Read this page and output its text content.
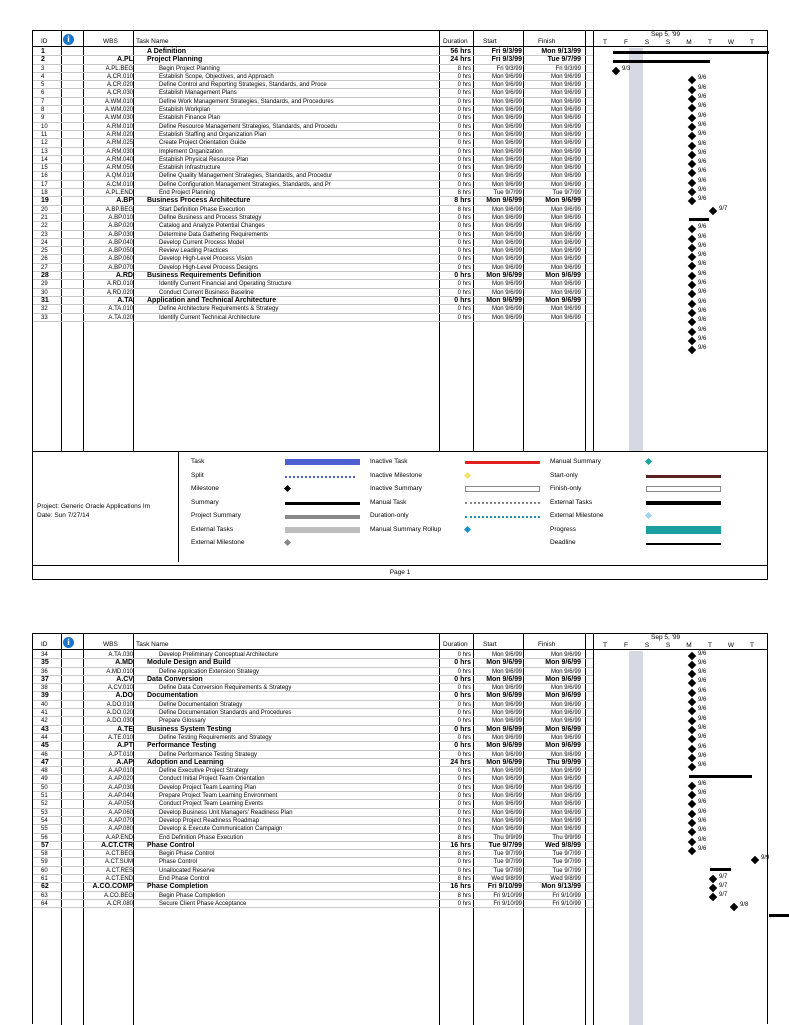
ID	i	WBS	Task Name	Duration Start	Finish
Sep 5, '99
T	F	S	S	M	T	W	T
1	A Definition	56 hrs	Fri 9/3/99	Mon 9/13/99
2	A.PL Project Planning	24 hrs	Fri 9/3/99	Tue 9/7/99
3	A.PL.BEG	Begin Project Planning	8 hrs	Fri 9/3/99	Fri 9/3/99
4	A.CR.010	Establish Scope, Objectives, and Approach	0 hrs	Mon 9/6/99	Mon 9/6/99
5	A.CR.020	Define Control and Reporting Strategies, Standards, and Proce	0 hrs	Mon 9/6/99	Mon 9/6/99
6	A.CR.030	Establish Management Plans	0 hrs	Mon 9/6/99	Mon 9/6/99
7	A.WM.010	Define Work Management Strategies, Standards, and Procedures	0 hrs	Mon 9/6/99	Mon 9/6/99
8	A.WM.020	Establish Workplan	0 hrs	Mon 9/6/99	Mon 9/6/99
9	A.WM.030	Establish Finance Plan	0 hrs	Mon 9/6/99	Mon 9/6/99
10	A.RM.010	Define Resource Management Strategies, Standards, and Procedu	0 hrs	Mon 9/6/99	Mon 9/6/99
11	A.RM.020	Establish Staffing and Organization Plan	0 hrs	Mon 9/6/99	Mon 9/6/99
12	A.RM.025	Create Project Orientation Guide	0 hrs	Mon 9/6/99	Mon 9/6/99
13	A.RM.030	Implement Organization	0 hrs	Mon 9/6/99	Mon 9/6/99
14	A.RM.040	Establish Physical Resource Plan	0 hrs	Mon 9/6/99	Mon 9/6/99
15	A.RM.050	Establish Infrastructure	0 hrs	Mon 9/6/99	Mon 9/6/99
16	A.QM.010	Define Quality Management Strategies, Standards, and Procedur	0 hrs	Mon 9/6/99	Mon 9/6/99
17	A.CM.010	Define Configuration Management Strategies, Standards, and Pr	0 hrs	Mon 9/6/99	Mon 9/6/99
18	A.PL.END	End Project Planning	8 hrs	Tue 9/7/99	Tue 9/7/99
19	A.BP Business Process Architecture	8 hrs	Mon 9/6/99	Mon 9/6/99
20	A.BP.BEG	Start Definition Phase Execution	8 hrs	Mon 9/6/99	Mon 9/6/99
21	A.BP.010	Define Business and Process Strategy	0 hrs	Mon 9/6/99	Mon 9/6/99
22	A.BP.020	Catalog and Analyze Potential Changes	0 hrs	Mon 9/6/99	Mon 9/6/99
23	A.BP.030	Determine Data Gathering Requirements	0 hrs	Mon 9/6/99	Mon 9/6/99
24	A.BP.040	Develop Current Process Model	0 hrs	Mon 9/6/99	Mon 9/6/99
25	A.BP.050	Review Leading Practices	0 hrs	Mon 9/6/99	Mon 9/6/99
26	A.BP.060	Develop High-Level Process Vision	0 hrs	Mon 9/6/99	Mon 9/6/99
27	A.BP.070	Develop High-Level Process Designs	0 hrs	Mon 9/6/99	Mon 9/6/99
28	A.RD Business Requirements Definition	0 hrs	Mon 9/6/99	Mon 9/6/99
29	A.RD.010	Identify Current Financial and Operating Structure	0 hrs	Mon 9/6/99	Mon 9/6/99
30	A.RD.020	Conduct Current Business Baseline	0 hrs	Mon 9/6/99	Mon 9/6/99
31	A.TA Application and Technical Architecture	0 hrs	Mon 9/6/99	Mon 9/6/99
32	A.TA.010	Define Architecture Requirements & Strategy	0 hrs	Mon 9/6/99	Mon 9/6/99
33	A.TA.020	Identify Current Technical Architecture	0 hrs	Mon 9/6/99	Mon 9/6/99
9/3
9/6
9/6
9/6
9/6
9/6
9/6
9/6
9/6
9/6
9/6
9/6
9/6
9/6
9/6
9/7
9/6
9/6
9/6
9/6
9/6
9/6
9/6
9/6
9/6
9/6
9/6
9/6
9/6
9/6
Project: Generic Oracle Applications Im
Date: Sun 7/27/14
Task
Split
Milestone
Summary
Project Summary
External Tasks
External Milestone
Inactive Task
Inactive Milestone
Inactive Summary
Manual Task
Duration-only
Manual Summary Rollup
Manual Summary
Start-only
Finish-only
External Tasks
External Milestone
Progress
Deadline
Page 1
ID	i	WBS	Task Name	Duration Start	Finish
Sep 5, '99
T	F	S	S	M	T	W	T
34	A.TA.030	Develop Preliminary Conceptual Architecture	0 hrs	Mon 9/6/99	Mon 9/6/99
35	A.MD Module Design and Build	0 hrs	Mon 9/6/99	Mon 9/6/99
36	A.MD.010	Define Application Extension Strategy	0 hrs	Mon 9/6/99	Mon 9/6/99
37	A.CV Data Conversion	0 hrs	Mon 9/6/99	Mon 9/6/99
38	A.CV.010	Define Data Conversion Requirements & Strategy	0 hrs	Mon 9/6/99	Mon 9/6/99
39	A.DO Documentation	0 hrs	Mon 9/6/99	Mon 9/6/99
40	A.DO.010	Define Documentation Strategy	0 hrs	Mon 9/6/99	Mon 9/6/99
41	A.DO.020	Define Documentation Standards and Procedures	0 hrs	Mon 9/6/99	Mon 9/6/99
42	A.DO.030	Prepare Glossary	0 hrs	Mon 9/6/99	Mon 9/6/99
43	A.TE Business System Testing	0 hrs	Mon 9/6/99	Mon 9/6/99
44	A.TE.010	Define Testing Requirements and Strategy	0 hrs	Mon 9/6/99	Mon 9/6/99
45	A.PT Performance Testing	0 hrs	Mon 9/6/99	Mon 9/6/99
46	A.PT.010	Define Performance Testing Strategy	0 hrs	Mon 9/6/99	Mon 9/6/99
47	A.AP Adoption and Learning	24 hrs	Mon 9/6/99	Thu 9/9/99
48	A.AP.010	Define Executive Project Strategy	0 hrs	Mon 9/6/99	Mon 9/6/99
49	A.AP.020	Conduct Initial Project Team Orientation	0 hrs	Mon 9/6/99	Mon 9/6/99
50	A.AP.030	Develop Project Team Learning Plan	0 hrs	Mon 9/6/99	Mon 9/6/99
51	A.AP.040	Prepare Project Team Learning Environment	0 hrs	Mon 9/6/99	Mon 9/6/99
52	A.AP.050	Conduct Project Team Learning Events	0 hrs	Mon 9/6/99	Mon 9/6/99
53	A.AP.060	Develop Business Unit Managers' Readiness Plan	0 hrs	Mon 9/6/99	Mon 9/6/99
54	A.AP.070	Develop Project Readiness Roadmap	0 hrs	Mon 9/6/99	Mon 9/6/99
55	A.AP.080	Develop & Execute Communication Campaign	0 hrs	Mon 9/6/99	Mon 9/6/99
56	A.AP.END	End Definition Phase Execution	8 hrs	Thu 9/9/99	Thu 9/9/99
57	A.CT.CTR Phase Control	16 hrs	Tue 9/7/99	Wed 9/8/99
58	A.CT.BEG	Begin Phase Control	8 hrs	Tue 9/7/99	Tue 9/7/99
59	A.CT.SUM	Phase Control	0 hrs	Tue 9/7/99	Tue 9/7/99
60	A.CT.RES	Unallocated Reserve	0 hrs	Tue 9/7/99	Tue 9/7/99
61	A.CT.END	End Phase Control	8 hrs	Wed 9/8/99	Wed 9/8/99
62	A.CO.COMP Phase Completion	16 hrs	Fri 9/10/99	Mon 9/13/99
63	A.CO.BEG	Begin Phase Completion	8 hrs	Fri 9/10/99	Fri 9/10/99
64	A.CR.080	Secure Client Phase Acceptance	0 hrs	Fri 9/10/99	Fri 9/10/99
9/6
9/6
9/6
9/6
9/6
9/6
9/6
9/6
9/6
9/6
9/6
9/6
9/6
9/6
9/6
9/6
9/6
9/6
9/6
9/6
9/6
9/9
9/7
9/7
9/7
9/8
